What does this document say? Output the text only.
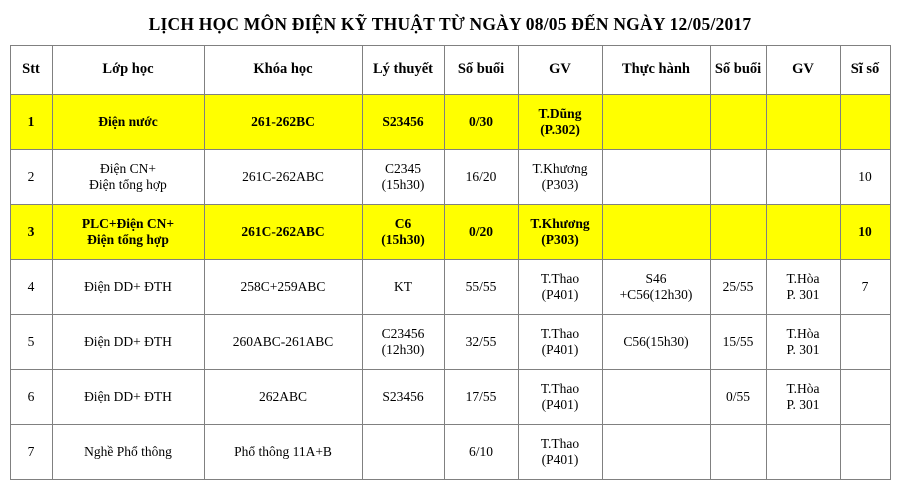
LỊCH HỌC MÔN ĐIỆN KỸ THUẬT TỪ NGÀY 08/05 ĐẾN NGÀY 12/05/2017
Stt	Lớp học	Khóa học	Lý thuyết	Số buổi	GV	Thực hành	Số buổi	GV	Sĩ số
1	Điện nước	261-262BC	S23456	0/30	T.Dũng
(P.302)				

2	Điện CN+
Điện tổng hợp	261C-262ABC	C2345
(15h30)	16/20	T.Khương
(P303)				10

3	PLC+Điện CN+
Điện tổng hợp	261C-262ABC	C6
(15h30)	0/20	T.Khương
(P303)				10

4	Điện DD+ ĐTH	258C+259ABC	KT	55/55	T.Thao
(P401)	S46
+C56(12h30)	25/55	T.Hòa
P. 301	7

5	Điện DD+ ĐTH	260ABC-261ABC	C23456
(12h30)	32/55	T.Thao
(P401)	C56(15h30)	15/55	T.Hòa
P. 301	

6	Điện DD+ ĐTH	262ABC	S23456	17/55	T.Thao
(P401)		0/55	T.Hòa
P. 301	

7	Nghề Phổ thông	Phổ thông 11A+B		6/10	T.Thao
(P401)				
